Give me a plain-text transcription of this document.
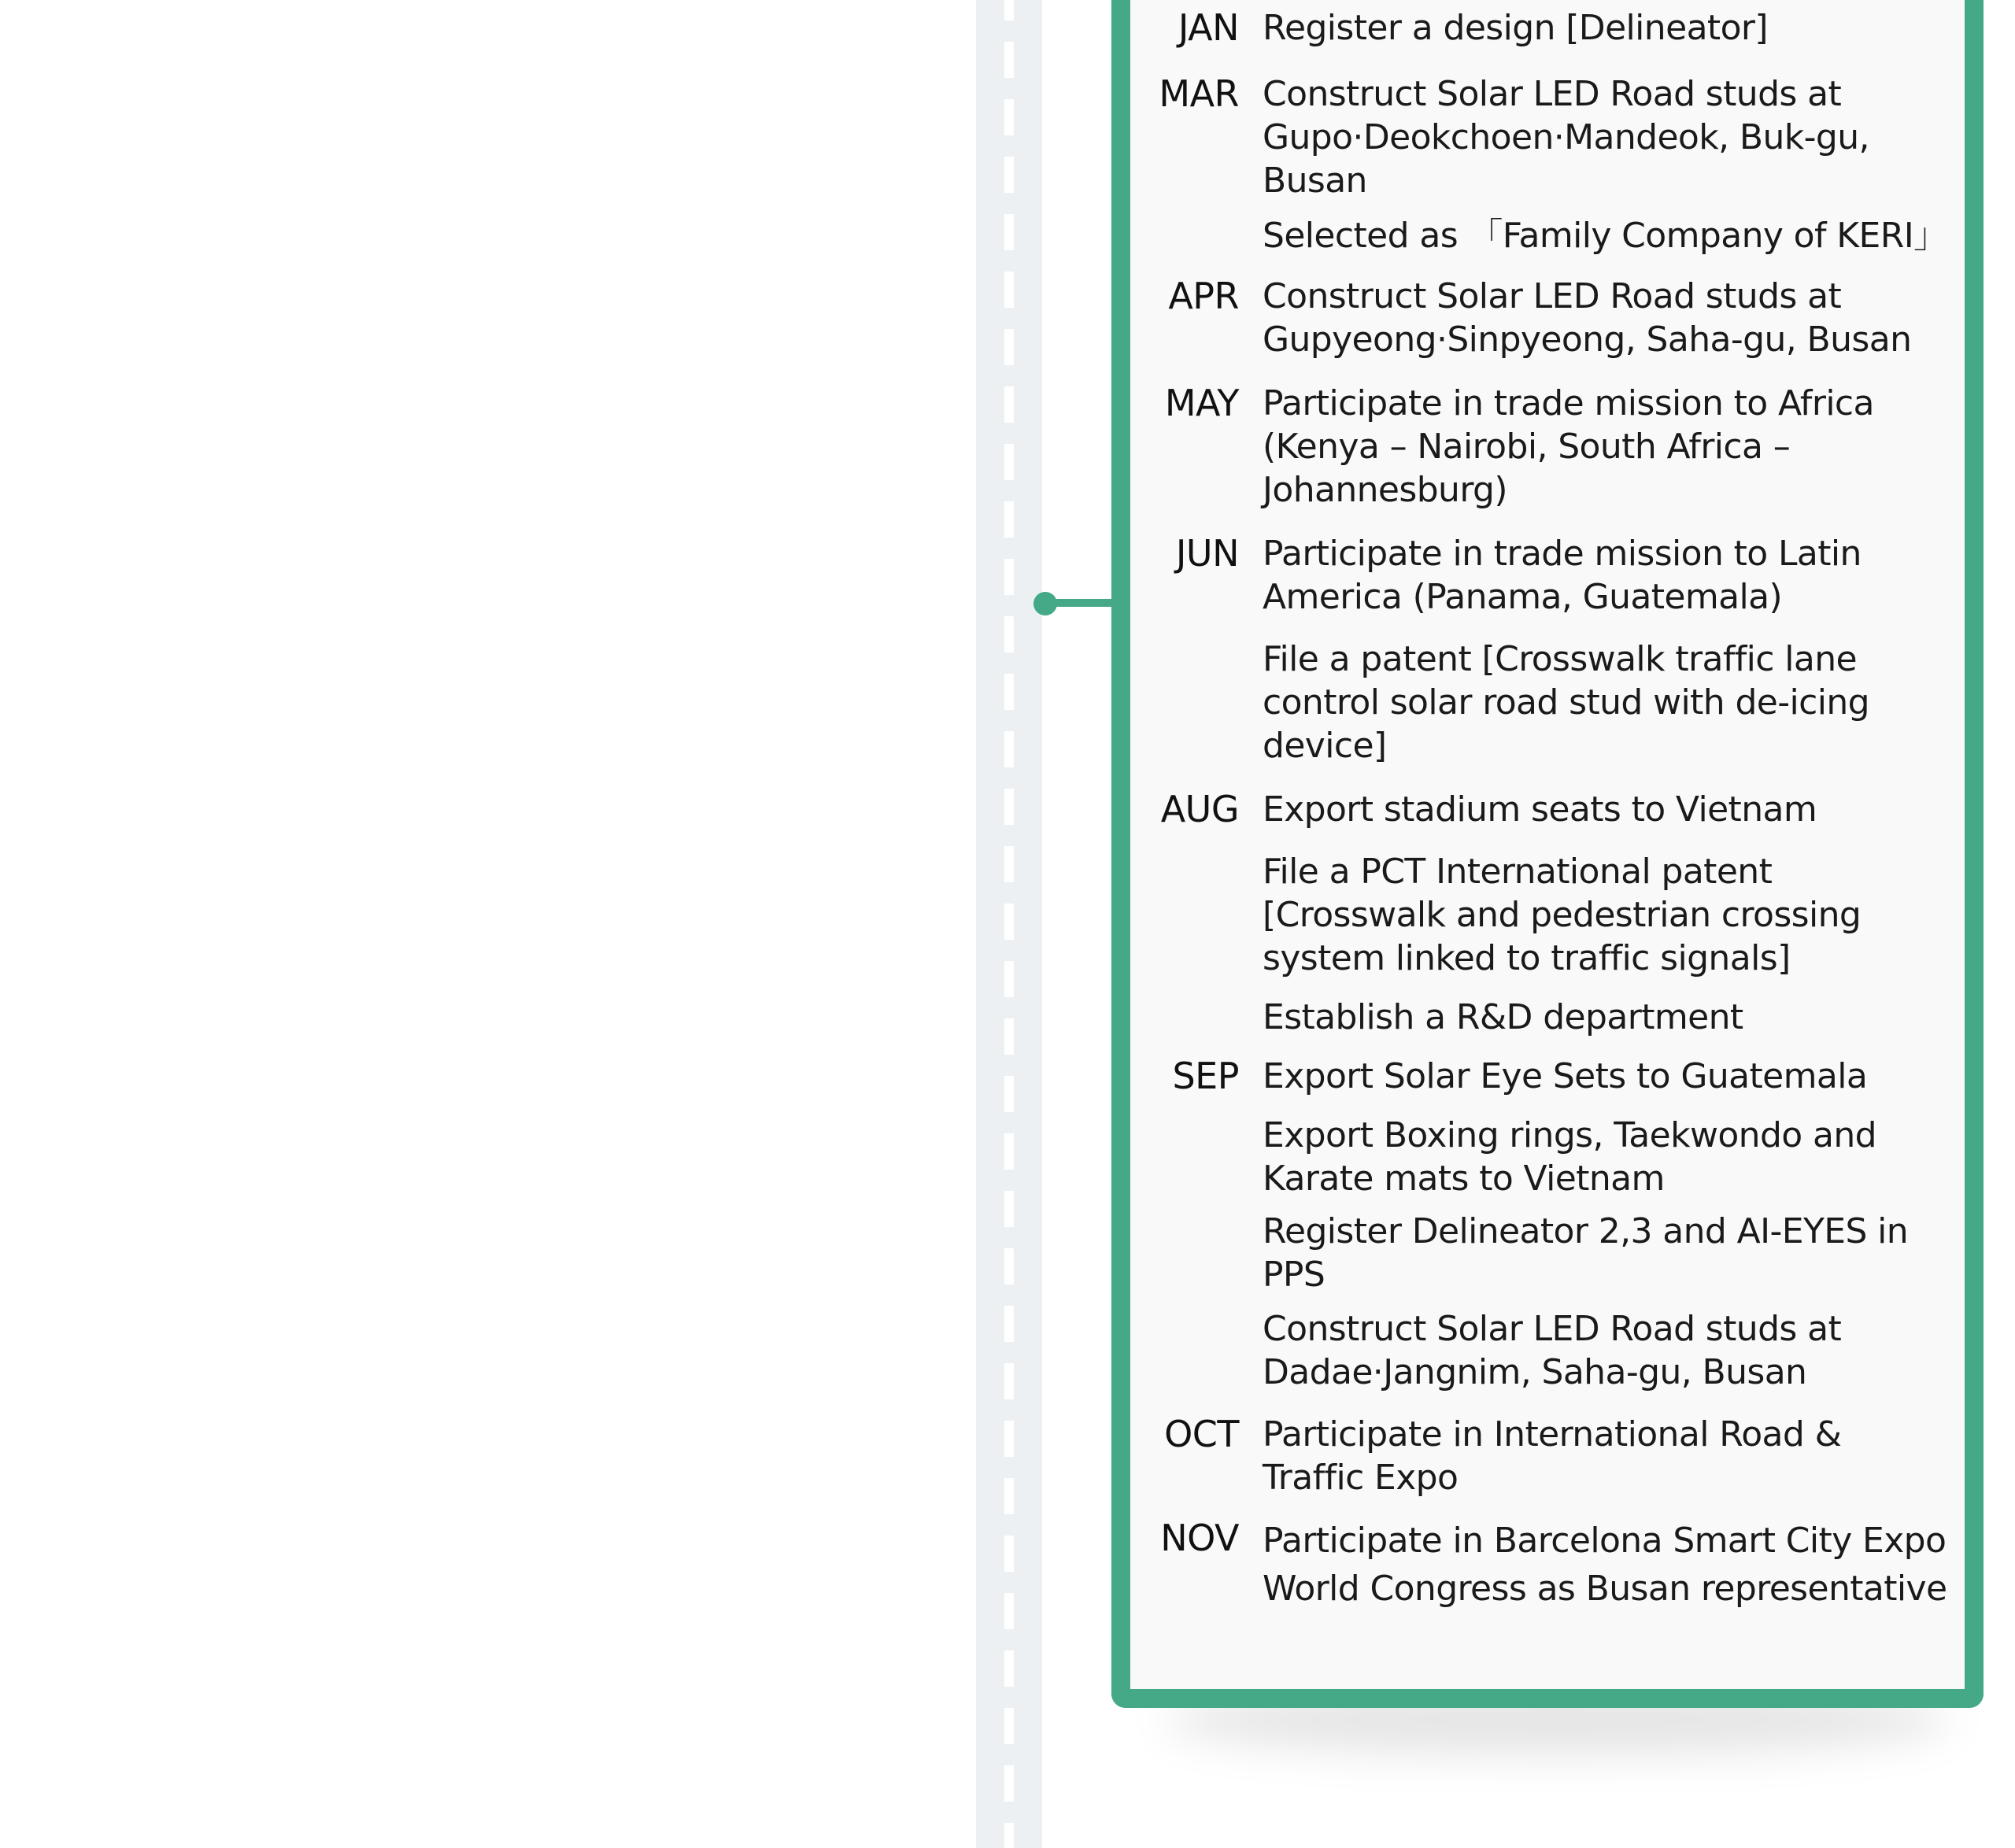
JAN Register a design [Delineator]
MAR Construct Solar LED Road studs at Gupo·Deokchoen·Mandeok, Buk-gu, Busan
Selected as 「Family Company of KERI」
APR Construct Solar LED Road studs at Gupyeong·Sinpyeong, Saha-gu, Busan
MAY Participate in trade mission to Africa (Kenya – Nairobi, South Africa – Johannesburg)
JUN Participate in trade mission to Latin America (Panama, Guatemala)
File a patent [Crosswalk traffic lane control solar road stud with de-icing device]
AUG Export stadium seats to Vietnam
File a PCT International patent [Crosswalk and pedestrian crossing system linked to traffic signals]
Establish a R&D department
SEP Export Solar Eye Sets to Guatemala
Export Boxing rings, Taekwondo and Karate mats to Vietnam
Register Delineator 2,3 and AI-EYES in PPS
Construct Solar LED Road studs at Dadae·Jangnim, Saha-gu, Busan
OCT Participate in International Road & Traffic Expo
NOV Participate in Barcelona Smart City Expo World Congress as Busan representative
